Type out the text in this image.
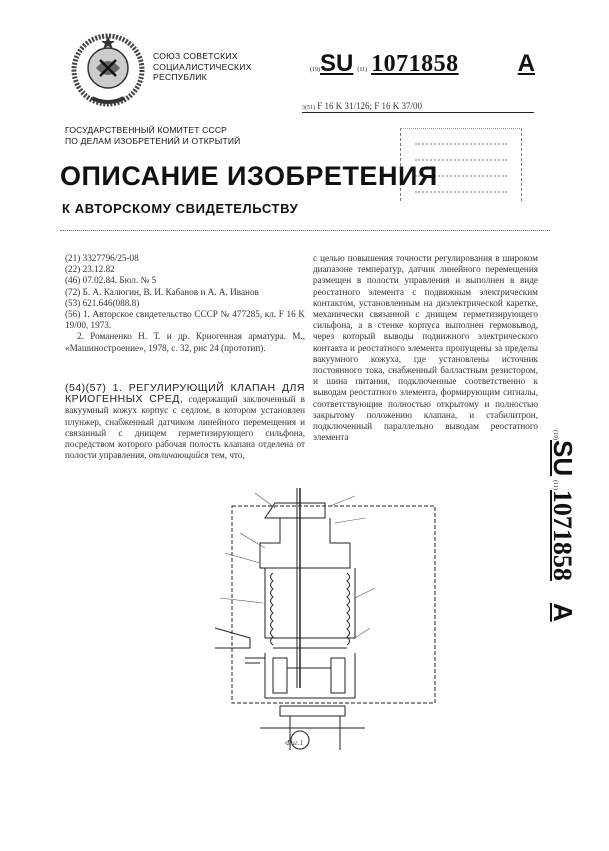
СОЮЗ СОВЕТСКИХ
СОЦИАЛИСТИЧЕСКИХ
РЕСПУБЛИК
ГОСУДАРСТВЕННЫЙ КОМИТЕТ СССР
ПО ДЕЛАМ ИЗОБРЕТЕНИЙ И ОТКРЫТИЙ
(19)SU (11) 1071858 A
3(51) F 16 K 31/126; F 16 K 37/00
ОПИСАНИЕ ИЗОБРЕТЕНИЯ
К АВТОРСКОМУ СВИДЕТЕЛЬСТВУ
(21) 3327796/25-08
(22) 23.12.82
(46) 07.02.84. Бюл. № 5
(72) Б. А. Калюгин, В. И. Кабанов и А. А. Иванов
(53) 621.646(088.8)
(56) 1. Авторское свидетельство СССР № 477285, кл. F 16 K 19/00, 1973.
2. Романенко Н. Т. и др. Криогенная арматура. М., «Машиностроение», 1978, с. 32, рис 24 (прототип).
(54)(57) 1. РЕГУЛИРУЮЩИЙ КЛАПАН ДЛЯ КРИОГЕННЫХ СРЕД, содержащий заключенный в вакуумный кожух корпус с седлом, в котором установлен плунжер, снабженный датчиком линейного перемещения и связанный с днищем герметизирующего сильфона, посредством которого рабочая полость клапана отделена от полости управления, отличающийся тем, что,
с целью повышения точности регулирования в широком диапазоне температур, датчик линейного перемещения размещен в полости управления и выполнен в виде реостатного элемента с подвижным электрическим контактом, установленным на диэлектрической каретке, механически связанной с днищем герметизирующего сильфона, а в стенке корпуса выполнен гермовывод, через который выводы подвижного электрического контакта и реостатного элемента пропущены за пределы вакуумного кожуха, где установлены источник постоянного тока, снабженный балластным резистором, и шина питания, подключенные соответственно к выводам реостатного элемента, формирующим сигналы, соответствующие полностью открытому и полностью закрытому положению клапана, и стабилитрон, подключенный параллельно выводам реостатного элемента	(19)SU (11)1071858A
Фиг.1
